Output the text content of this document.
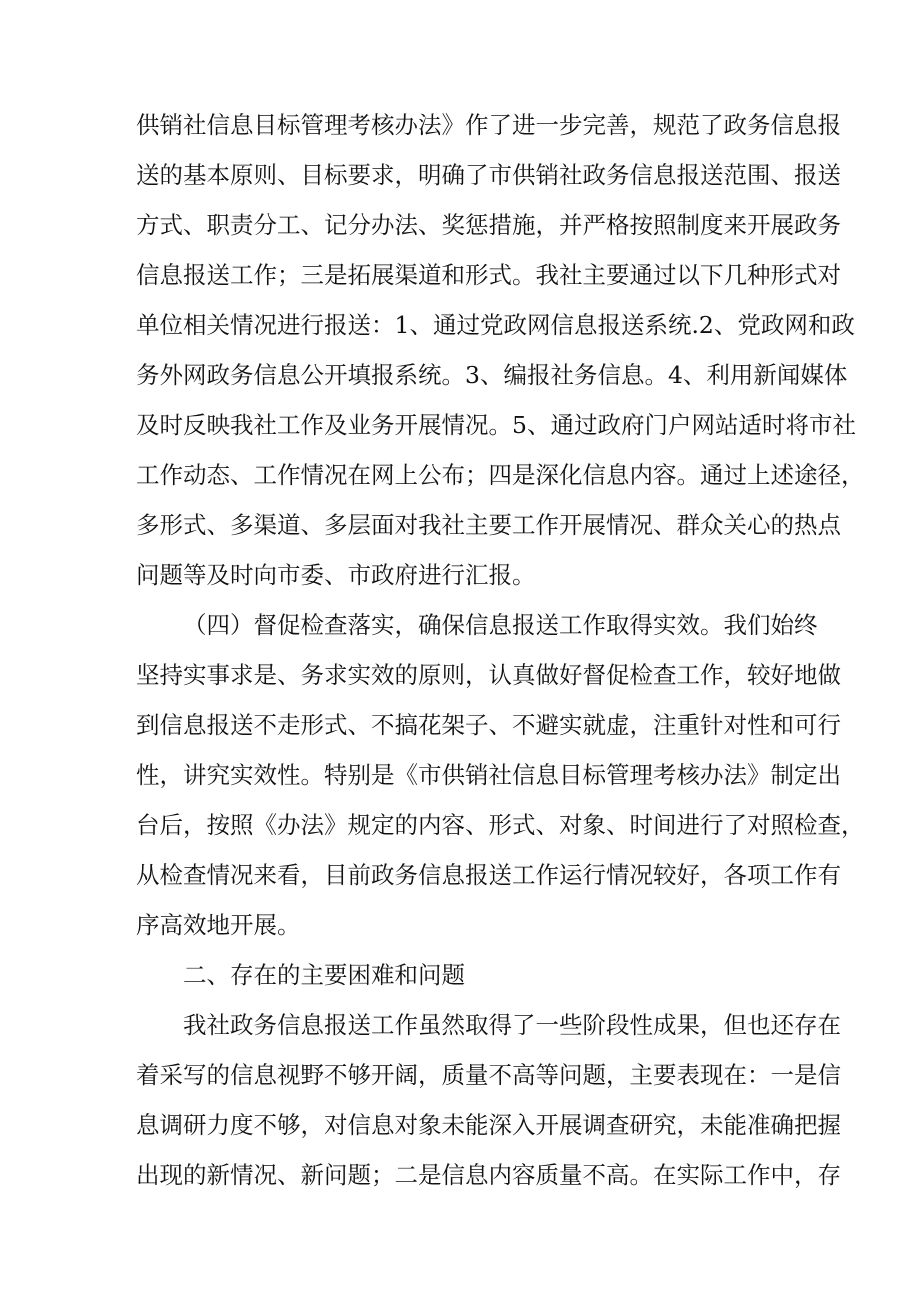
供销社信息目标管理考核办法》作了进一步完善，规范了政务信息报
送的基本原则、目标要求，明确了市供销社政务信息报送范围、报送
方式、职责分工、记分办法、奖惩措施，并严格按照制度来开展政务
信息报送工作；三是拓展渠道和形式。我社主要通过以下几种形式对
单位相关情况进行报送：1、通过党政网信息报送系统.2、党政网和政
务外网政务信息公开填报系统。3、编报社务信息。4、利用新闻媒体
及时反映我社工作及业务开展情况。5、通过政府门户网站适时将市社
工作动态、工作情况在网上公布；四是深化信息内容。通过上述途径，
多形式、多渠道、多层面对我社主要工作开展情况、群众关心的热点
问题等及时向市委、市政府进行汇报。
（四）督促检查落实，确保信息报送工作取得实效。我们始终
坚持实事求是、务求实效的原则，认真做好督促检查工作，较好地做
到信息报送不走形式、不搞花架子、不避实就虚，注重针对性和可行
性，讲究实效性。特别是《市供销社信息目标管理考核办法》制定出
台后，按照《办法》规定的内容、形式、对象、时间进行了对照检查，
从检查情况来看，目前政务信息报送工作运行情况较好，各项工作有
序高效地开展。
二、存在的主要困难和问题
我社政务信息报送工作虽然取得了一些阶段性成果，但也还存在
着采写的信息视野不够开阔，质量不高等问题，主要表现在：一是信
息调研力度不够，对信息对象未能深入开展调查研究，未能准确把握
出现的新情况、新问题；二是信息内容质量不高。在实际工作中，存
